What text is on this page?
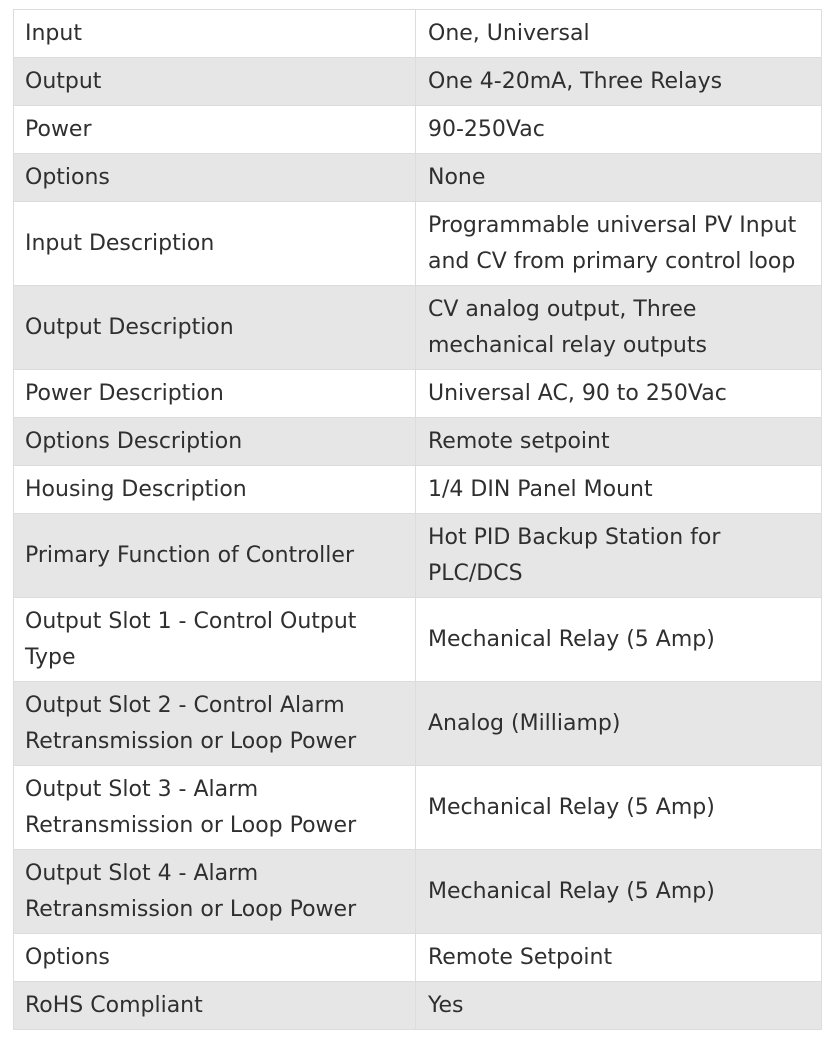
Input	One, Universal
Output	One 4-20mA, Three Relays
Power	90-250Vac
Options	None
Input Description	Programmable universal PV Input and CV from primary control loop
Output Description	CV analog output, Three mechanical relay outputs
Power Description	Universal AC, 90 to 250Vac
Options Description	Remote setpoint
Housing Description	1/4 DIN Panel Mount
Primary Function of Controller	Hot PID Backup Station for PLC/DCS
Output Slot 1 - Control Output Type	Mechanical Relay (5 Amp)
Output Slot 2 - Control Alarm Retransmission or Loop Power	Analog (Milliamp)
Output Slot 3 - Alarm Retransmission or Loop Power	Mechanical Relay (5 Amp)
Output Slot 4 - Alarm Retransmission or Loop Power	Mechanical Relay (5 Amp)
Options	Remote Setpoint
RoHS Compliant	Yes
